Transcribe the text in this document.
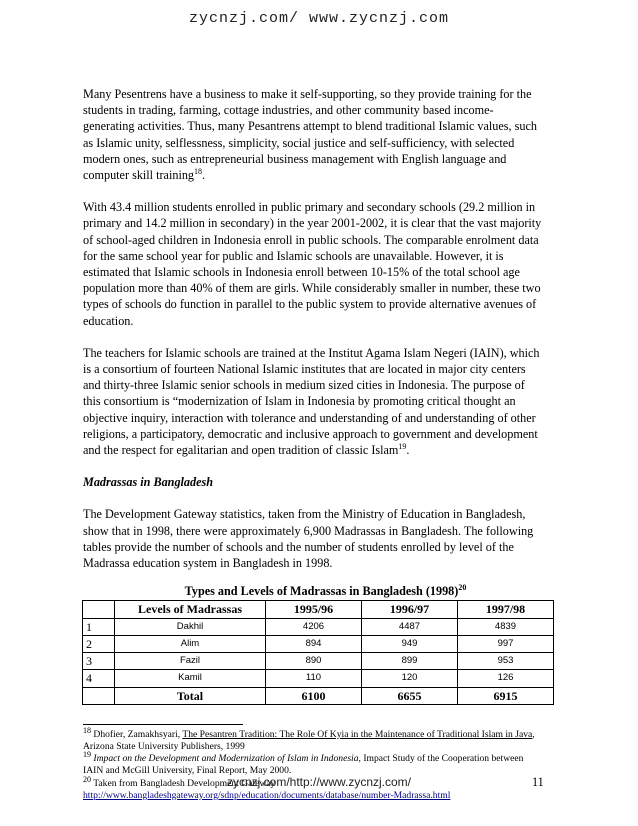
zycnzj.com/ www.zycnzj.com

Many Pesentrens have a business to make it self-supporting, so they provide training for the students in trading, farming, cottage industries, and other community based income-generating activities. Thus, many Pesantrens attempt to blend traditional Islamic values, such as Islamic unity, selflessness, simplicity, social justice and self-sufficiency, with selected modern ones, such as entrepreneurial business management with English language and computer skill training$^{18}$.

With 43.4 million students enrolled in public primary and secondary schools (29.2 million in primary and 14.2 million in secondary) in the year 2001-2002, it is clear that the vast majority of school-aged children in Indonesia enroll in public schools. The comparable enrolment data for the same school year for public and Islamic schools are unavailable. However, it is estimated that Islamic schools in Indonesia enroll between 10-15% of the total school age population more than 40% of them are girls. While considerably smaller in number, these two types of schools do function in parallel to the public system to provide alternative avenues of education.

The teachers for Islamic schools are trained at the Institut Agama Islam Negeri (IAIN), which is a consortium of fourteen National Islamic institutes that are located in major city centers and thirty-three Islamic senior schools in medium sized cities in Indonesia. The purpose of this consortium is “modernization of Islam in Indonesia by promoting critical thought an objective inquiry, interaction with tolerance and understanding of and understanding of other religions, a participatory, democratic and inclusive approach to government and development and the respect for egalitarian and open tradition of classic Islam$^{19}$.

Madrassas in Bangladesh

The Development Gateway statistics, taken from the Ministry of Education in Bangladesh, show that in 1998, there were approximately 6,900 Madrassas in Bangladesh. The following tables provide the number of schools and the number of students enrolled by level of the Madrassa education system in Bangladesh in 1998.

Types and Levels of Madrassas in Bangladesh $(1998)^{20}$
	Levels of Madrassas	1995/96	1996/97	1997/98
1	Dakhil	4206	4487	4839
2	Alim	894	949	997
3	Fazil	890	899	953
4	Kamil	110	120	126
	Total	6100	6655	6915
$^{18}$ Dhofier, Zamakhsyari, The Pesantren Tradition: The Role Of Kyia in the Maintenance of Traditional Islam in Java, Arizona State University Publishers, 1999
$^{19}$ Impact on the Development and Modernization of Islam in Indonesia, Impact Study of the Cooperation between IAIN and McGill University, Final Report, May 2000.
$^{20}$ Taken from Bangladesh Development Gateway
http://www.bangladeshgateway.org/sdnp/education/documents/database/number-Madrassa.html
zycnzj.com/http://www.zycnzj.com/	11
